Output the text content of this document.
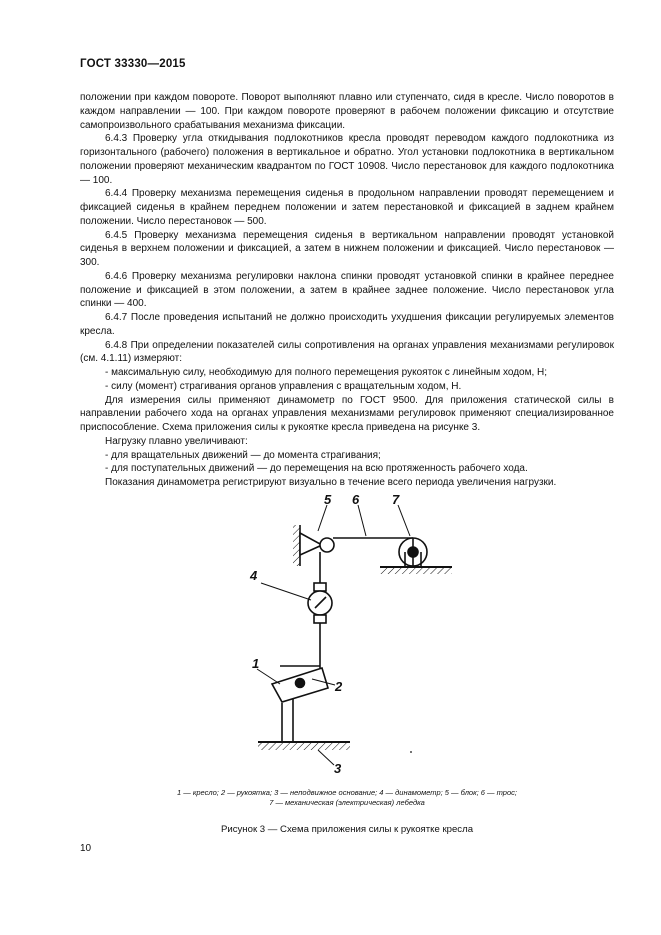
ГОСТ 33330—2015

положении при каждом повороте. Поворот выполняют плавно или ступенчато, сидя в кресле. Число поворотов в каждом направлении — 100. При каждом повороте проверяют в рабочем положении фиксацию и отсутствие самопроизвольного срабатывания механизма фиксации.

6.4.3 Проверку угла откидывания подлокотников кресла проводят переводом каждого подлокотника из горизонтального (рабочего) положения в вертикальное и обратно. Угол установки подлокотника в вертикальном положении проверяют механическим квадрантом по ГОСТ 10908. Число перестановок для каждого подлокотника — 100.

6.4.4 Проверку механизма перемещения сиденья в продольном направлении проводят перемещением и фиксацией сиденья в крайнем переднем положении и затем перестановкой и фиксацией в заднем крайнем положении. Число перестановок — 500.

6.4.5 Проверку механизма перемещения сиденья в вертикальном направлении проводят установкой сиденья в верхнем положении и фиксацией, а затем в нижнем положении и фиксацией. Число перестановок — 300.

6.4.6 Проверку механизма регулировки наклона спинки проводят установкой спинки в крайнее переднее положение и фиксацией в этом положении, а затем в крайнее заднее положение. Число перестановок угла спинки — 400.

6.4.7 После проведения испытаний не должно происходить ухудшения фиксации регулируемых элементов кресла.

6.4.8 При определении показателей силы сопротивления на органах управления механизмами регулировок (см. 4.1.11) измеряют:

- максимальную силу, необходимую для полного перемещения рукояток с линейным ходом, Н;

- силу (момент) страгивания органов управления с вращательным ходом, Н.

Для измерения силы применяют динамометр по ГОСТ 9500. Для приложения статической силы в направлении рабочего хода на органах управления механизмами регулировок применяют специализированное приспособление. Схема приложения силы к рукоятке кресла приведена на рисунке 3.

Нагрузку плавно увеличивают:

- для вращательных движений — до момента страгивания;

- для поступательных движений — до перемещения на всю протяженность рабочего хода.

Показания динамометра регистрируют визуально в течение всего периода увеличения нагрузки.

1
2
3
4
5 6	7
1 — кресло; 2 — рукоятка; 3 — неподвижное основание; 4 — динамометр; 5 — блок; 6 — трос;
7 — механическая (электрическая) лебедка
Рисунок 3 — Схема приложения силы к рукоятке кресла
10
